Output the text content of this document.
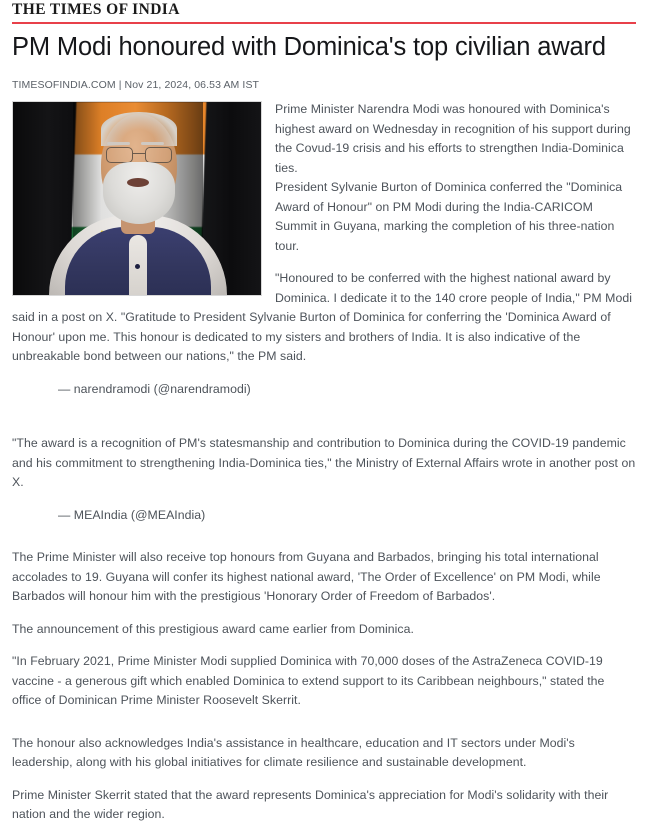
THE TIMES OF INDIA
PM Modi honoured with Dominica's top civilian award
TIMESOFINDIA.COM | Nov 21, 2024, 06.53 AM IST
Prime Minister Narendra Modi was honoured with Dominica's highest award on Wednesday in recognition of his support during the Covud-19 crisis and his efforts to strengthen India-Dominica ties.
President Sylvanie Burton of Dominica conferred the "Dominica Award of Honour" on PM Modi during the India-CARICOM Summit in Guyana, marking the completion of his three-nation tour.

"Honoured to be conferred with the highest national award by Dominica. I dedicate it to the 140 crore people of India," PM Modi said in a post on X. "Gratitude to President Sylvanie Burton of Dominica for conferring the 'Dominica Award of Honour' upon me. This honour is dedicated to my sisters and brothers of India. It is also indicative of the unbreakable bond between our nations," the PM said.

— narendramodi (@narendramodi)

"The award is a recognition of PM's statesmanship and contribution to Dominica during the COVID-19 pandemic and his commitment to strengthening India-Dominica ties," the Ministry of External Affairs wrote in another post on X.

— MEAIndia (@MEAIndia)

The Prime Minister will also receive top honours from Guyana and Barbados, bringing his total international accolades to 19. Guyana will confer its highest national award, 'The Order of Excellence' on PM Modi, while Barbados will honour him with the prestigious 'Honorary Order of Freedom of Barbados'.

The announcement of this prestigious award came earlier from Dominica.

"In February 2021, Prime Minister Modi supplied Dominica with 70,000 doses of the AstraZeneca COVID-19 vaccine - a generous gift which enabled Dominica to extend support to its Caribbean neighbours," stated the office of Dominican Prime Minister Roosevelt Skerrit.

The honour also acknowledges India's assistance in healthcare, education and IT sectors under Modi's leadership, along with his global initiatives for climate resilience and sustainable development.

Prime Minister Skerrit stated that the award represents Dominica's appreciation for Modi's solidarity with their nation and the wider region.
